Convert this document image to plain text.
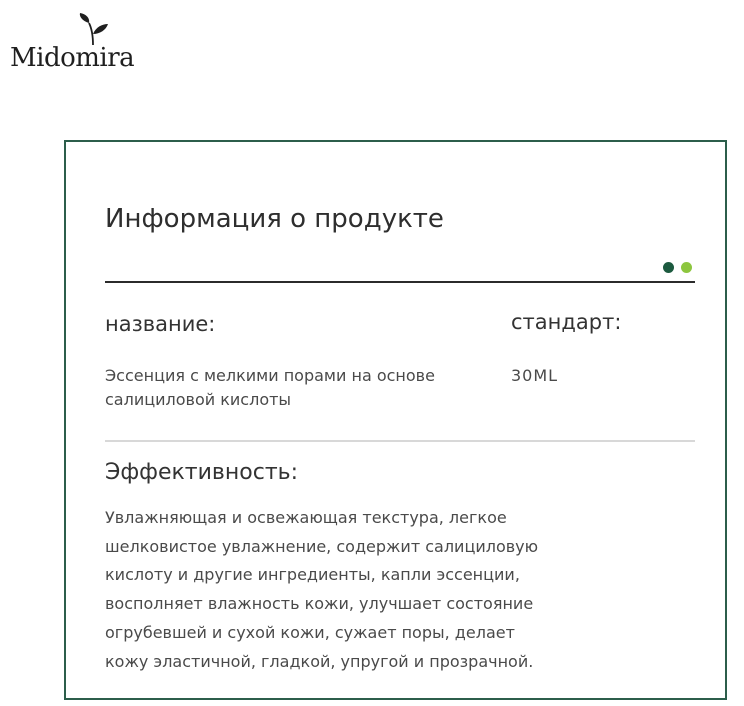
Midomira
Информация о продукте
название:	стандарт:
Эссенция с мелкими порами на основе салициловой кислоты
30ML
Эффективность:
Увлажняющая и освежающая текстура, легкое
шелковистое увлажнение, содержит салициловую
кислоту и другие ингредиенты, капли эссенции,
восполняет влажность кожи, улучшает состояние
огрубевшей и сухой кожи, сужает поры, делает
кожу эластичной, гладкой, упругой и прозрачной.
